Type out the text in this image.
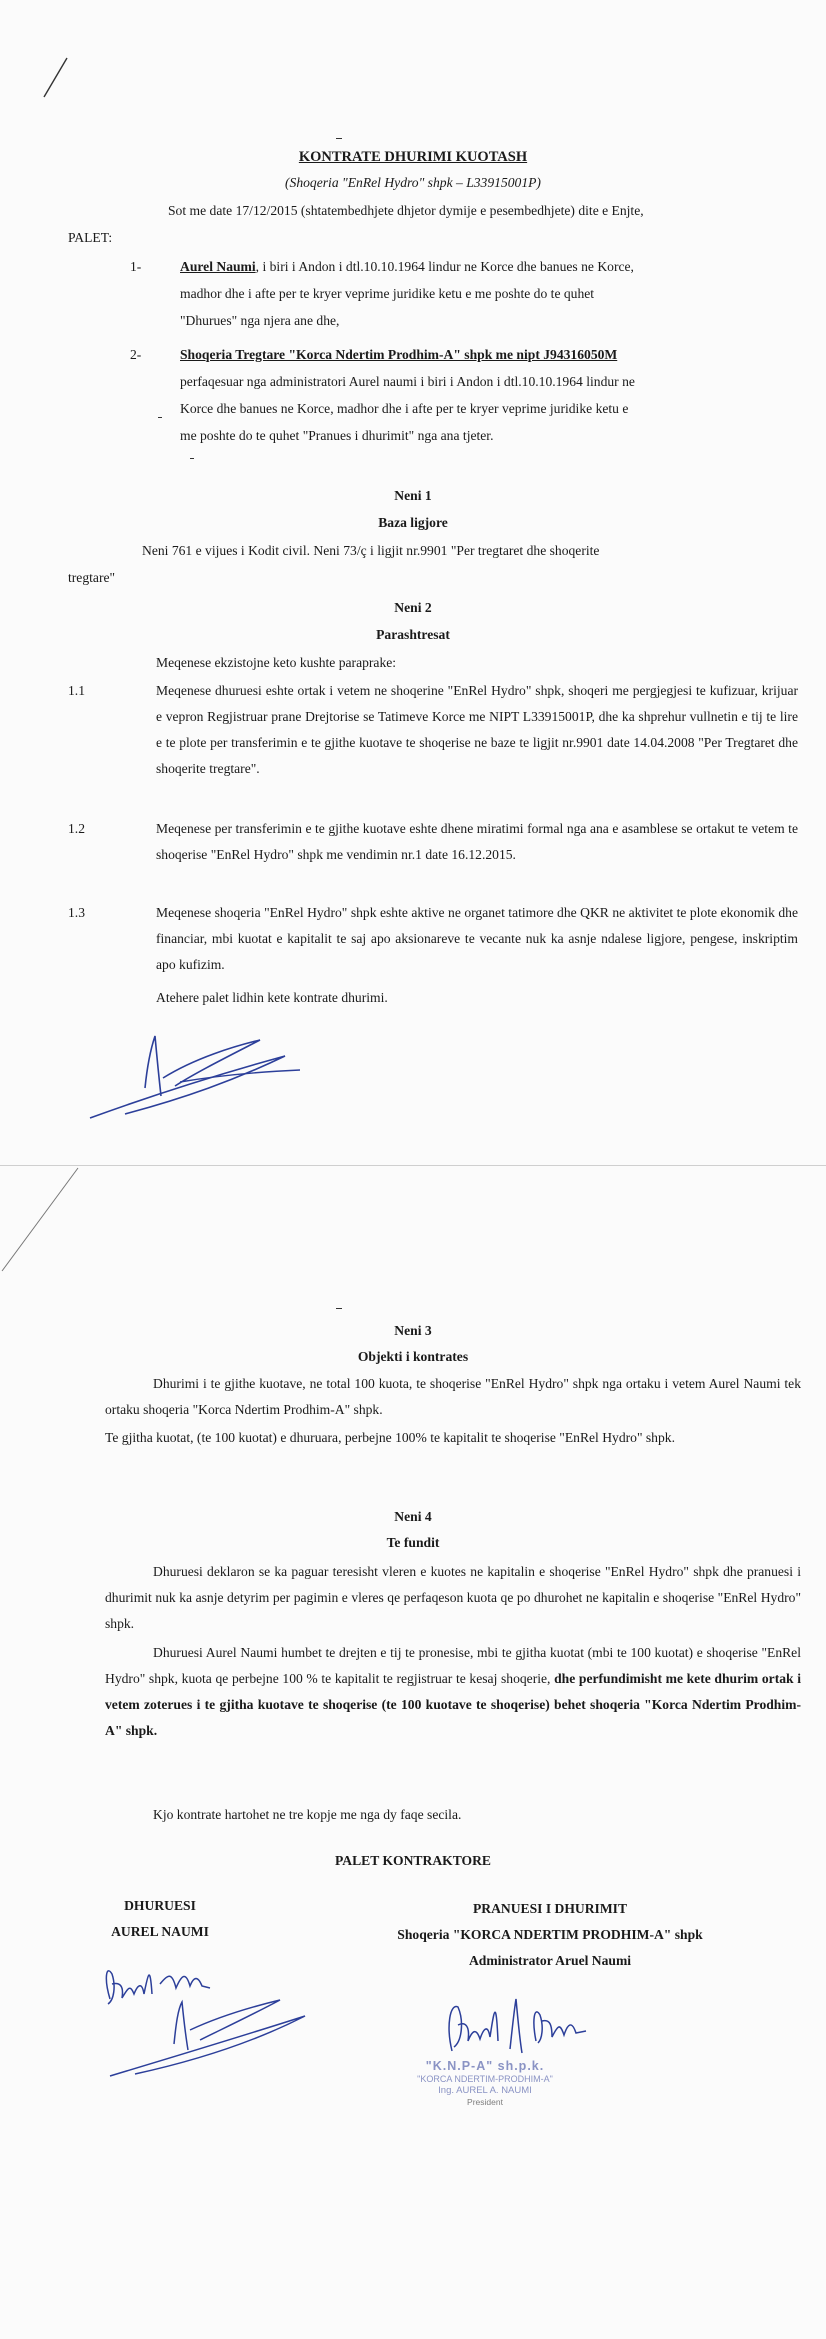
KONTRATE DHURIMI KUOTASH
(Shoqeria "EnRel Hydro" shpk – L33915001P)
Sot me date 17/12/2015 (shtatembedhjete dhjetor dymije e pesembedhjete) dite e Enjte,
PALET:
1-	Aurel Naumi, i biri i Andon i dtl.10.10.1964 lindur ne Korce dhe banues ne Korce,
madhor dhe i afte per te kryer veprime juridike ketu e me poshte do te quhet
"Dhurues" nga njera ane dhe,
2-	Shoqeria Tregtare "Korca Ndertim Prodhim-A" shpk me nipt J94316050M
perfaqesuar nga administratori Aurel naumi i biri i Andon i dtl.10.10.1964 lindur ne
Korce dhe banues ne Korce, madhor dhe i afte per te kryer veprime juridike ketu e
me poshte do te quhet "Pranues i dhurimit" nga ana tjeter.
Neni 1
Baza ligjore
Neni 761 e vijues i Kodit civil. Neni 73/ç i ligjit nr.9901 "Per tregtaret dhe shoqerite
tregtare"
Neni 2
Parashtresat
Meqenese ekzistojne keto kushte paraprake:
1.1	Meqenese dhuruesi eshte ortak i vetem ne shoqerine "EnRel Hydro" shpk, shoqeri me pergjegjesi te kufizuar, krijuar e vepron Regjistruar prane Drejtorise se Tatimeve Korce me NIPT L33915001P, dhe ka shprehur vullnetin e tij te lire e te plote per transferimin e te gjithe kuotave te shoqerise ne baze te ligjit nr.9901 date 14.04.2008 "Per Tregtaret dhe shoqerite tregtare".
1.2	Meqenese per transferimin e te gjithe kuotave eshte dhene miratimi formal nga ana e asamblese se ortakut te vetem te shoqerise "EnRel Hydro" shpk me vendimin nr.1 date 16.12.2015.
1.3	Meqenese shoqeria "EnRel Hydro" shpk eshte aktive ne organet tatimore dhe QKR ne aktivitet te plote ekonomik dhe financiar, mbi kuotat e kapitalit te saj apo aksionareve te vecante nuk ka asnje ndalese ligjore, pengese, inskriptim apo kufizim.
Atehere palet lidhin kete kontrate dhurimi.
Neni 3
Objekti i kontrates
Dhurimi i te gjithe kuotave, ne total 100 kuota, te shoqerise "EnRel Hydro" shpk nga ortaku i vetem Aurel Naumi tek ortaku shoqeria "Korca Ndertim Prodhim-A" shpk.
Te gjitha kuotat, (te 100 kuotat) e dhuruara, perbejne 100% te kapitalit te shoqerise "EnRel Hydro" shpk.
Neni 4
Te fundit
Dhuruesi deklaron se ka paguar teresisht vleren e kuotes ne kapitalin e shoqerise "EnRel Hydro" shpk dhe pranuesi i dhurimit nuk ka asnje detyrim per pagimin e vleres qe perfaqeson kuota qe po dhurohet ne kapitalin e shoqerise "EnRel Hydro" shpk.
Dhuruesi Aurel Naumi humbet te drejten e tij te pronesise, mbi te gjitha kuotat (mbi te 100 kuotat) e shoqerise "EnRel Hydro" shpk, kuota qe perbejne 100 % te kapitalit te regjistruar te kesaj shoqerie, dhe perfundimisht me kete dhurim ortak i vetem zoterues i te gjitha kuotave te shoqerise (te 100 kuotave te shoqerise) behet shoqeria "Korca Ndertim Prodhim-A" shpk.
Kjo kontrate hartohet ne tre kopje me nga dy faqe secila.
PALET KONTRAKTORE
DHURUESI
AUREL NAUMI
PRANUESI I DHURIMIT
Shoqeria "KORCA NDERTIM PRODHIM-A" shpk
Administrator Aruel Naumi
"K.N.P-A" sh.p.k.
"KORCA NDERTIM-PRODHIM-A"
Ing. AUREL A. NAUMI
President
